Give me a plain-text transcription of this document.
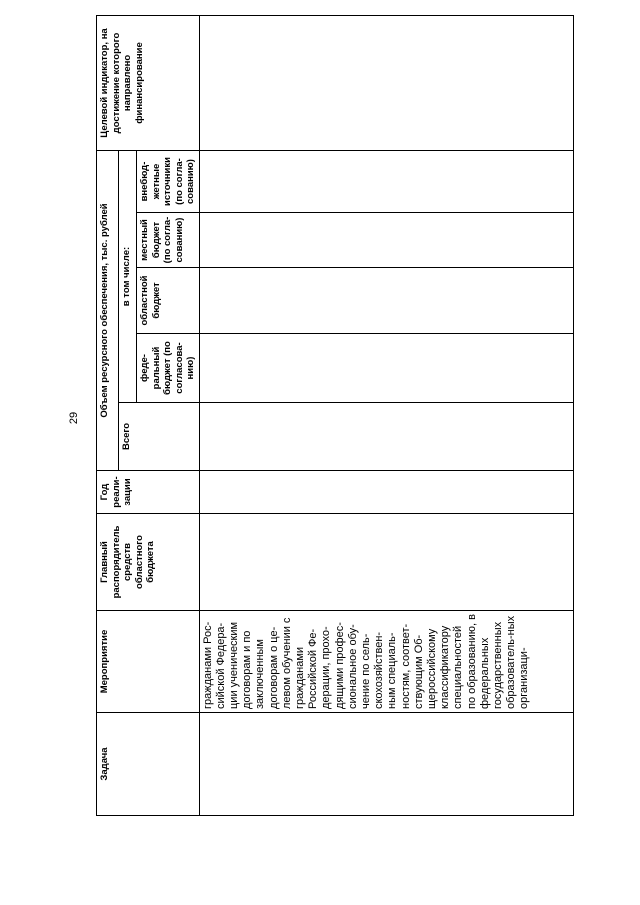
29
Задача	Мероприятие	Главный распорядитель средств областного бюджета	Год реали-зации	Объем ресурсного обеспечения, тыс. рублей					Целевой индикатор, на достижение которого направлено финансирование
				Всего	в том числе:				
					феде-ральный бюджет (по согласова-нию)	областной бюджет	местный бюджет (по согла-сованию)	внебюд-жетные источники (по согла-сованию)	
	гражданами Рос-сийской Федера-ции ученическим договорам и по заключенным договорам о це-левом обучении с гражданами Российской Фе-дерации, прохо-дящими профес-сиональное обу-чение по сель-скохозяйствен-ным специаль-ностям, соответ-ствующим Об-щероссийскому классификатору специальностей по образованию, в федеральных государственных образователь-ных организаци-								
